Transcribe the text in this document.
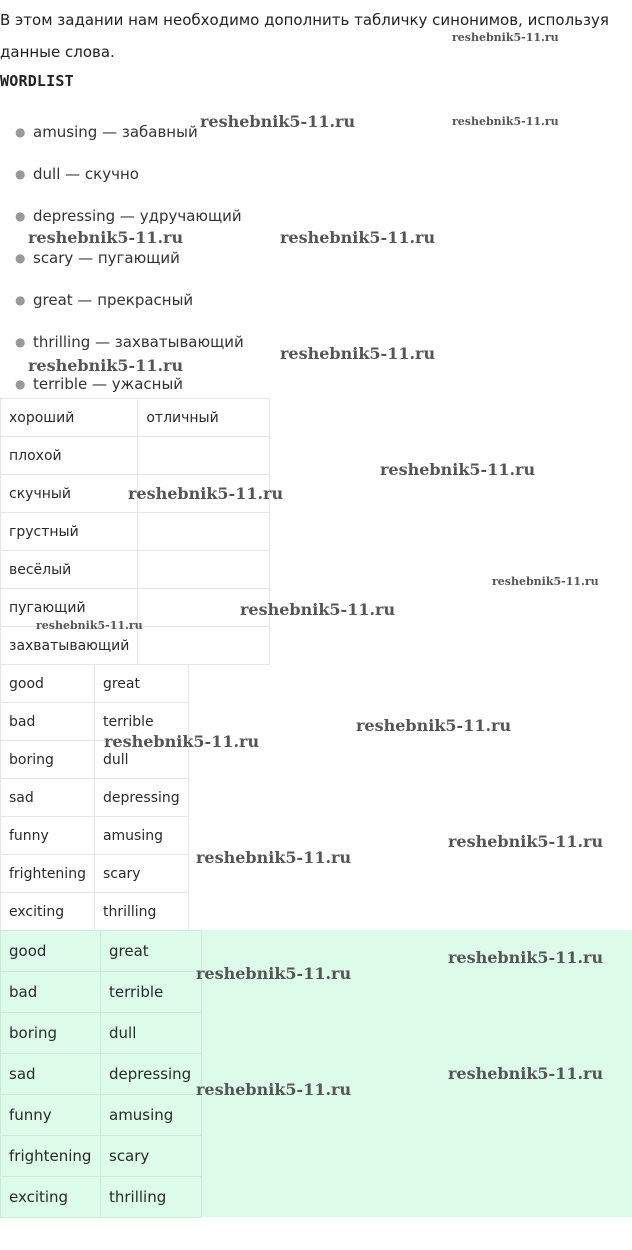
В этом задании нам необходимо дополнить табличку синонимов, используя данные слова.

WORDLIST
● amusing — забавный
● dull — скучно
● depressing — удручающий
● scary — пугающий
● great — прекрасный
● thrilling — захватывающий
● terrible — ужасный
хороший	отличный
плохой	
скучный	
грустный	
весёлый	
пугающий	
захватывающий	
good	great
bad	terrible
boring	dull
sad	depressing
funny	amusing
frightening	scary
exciting	thrilling
good	great
bad	terrible
boring	dull
sad	depressing
funny	amusing
frightening	scary
exciting	thrilling
reshebnik5-11.ru
reshebnik5-11.ru	reshebnik5-11.ru
reshebnik5-11.ru	reshebnik5-11.ru
reshebnik5-11.ru
reshebnik5-11.ru
reshebnik5-11.ru
reshebnik5-11.ru
reshebnik5-11.ru
reshebnik5-11.ru
reshebnik5-11.ru
reshebnik5-11.ru
reshebnik5-11.ru
reshebnik5-11.ru
reshebnik5-11.ru
reshebnik5-11.ru
reshebnik5-11.ru
reshebnik5-11.ru
reshebnik5-11.ru
